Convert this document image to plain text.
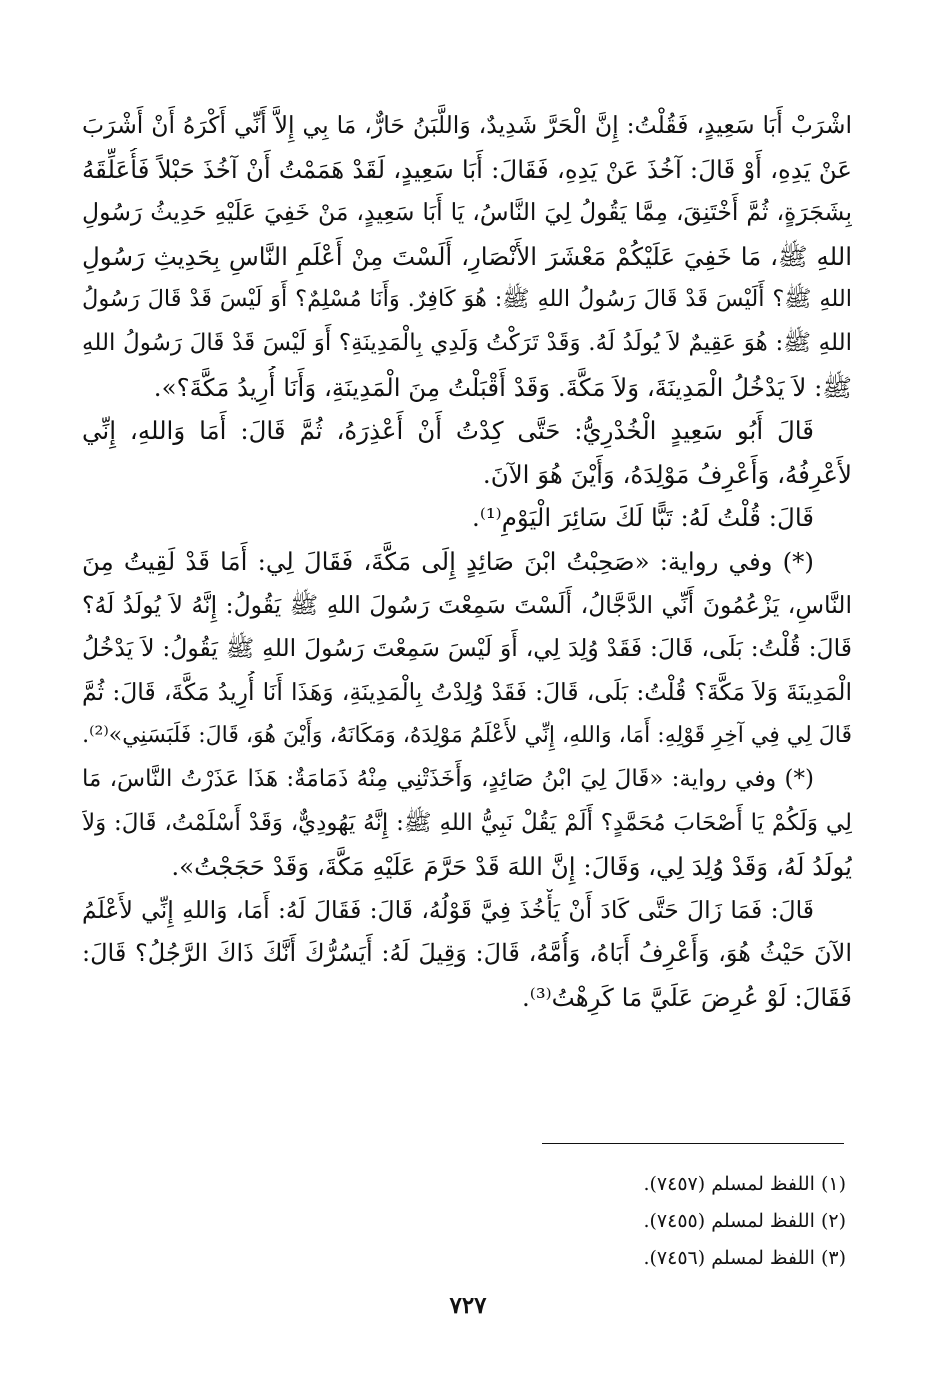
اشْرَبْ أَبَا سَعِيدٍ، فَقُلْتُ: إِنَّ الْحَرَّ شَدِيدٌ، وَاللَّبَنُ حَارٌّ، مَا بِي إِلاَّ أَنِّي أَكْرَهُ أَنْ أَشْرَبَ
عَنْ يَدِهِ، أَوْ قَالَ: آخُذَ عَنْ يَدِهِ، فَقَالَ: أَبَا سَعِيدٍ، لَقَدْ هَمَمْتُ أَنْ آخُذَ حَبْلاً فَأُعَلِّقَهُ
بِشَجَرَةٍ، ثُمَّ أَخْتَنِقَ، مِمَّا يَقُولُ لِيَ النَّاسُ، يَا أَبَا سَعِيدٍ، مَنْ خَفِيَ عَلَيْهِ حَدِيثُ رَسُولِ
اللهِ ﷺ، مَا خَفِيَ عَلَيْكُمْ مَعْشَرَ الأَنْصَارِ، أَلَسْتَ مِنْ أَعْلَمِ النَّاسِ بِحَدِيثِ رَسُولِ
اللهِ ﷺ؟ أَلَيْسَ قَدْ قَالَ رَسُولُ اللهِ ﷺ: هُوَ كَافِرٌ. وَأَنَا مُسْلِمٌ؟ أَوَ لَيْسَ قَدْ قَالَ رَسُولُ
اللهِ ﷺ: هُوَ عَقِيمٌ لاَ يُولَدُ لَهُ. وَقَدْ تَرَكْتُ وَلَدِي بِالْمَدِينَةِ؟ أَوَ لَيْسَ قَدْ قَالَ رَسُولُ اللهِ
ﷺ: لاَ يَدْخُلُ الْمَدِينَةَ، وَلاَ مَكَّةَ. وَقَدْ أَقْبَلْتُ مِنَ الْمَدِينَةِ، وَأَنَا أُرِيدُ مَكَّةَ؟».
قَالَ أَبُو سَعِيدٍ الْخُدْرِيُّ: حَتَّى كِدْتُ أَنْ أَعْذِرَهُ، ثُمَّ قَالَ: أَمَا وَاللهِ، إِنِّي
لأَعْرِفُهُ، وَأَعْرِفُ مَوْلِدَهُ، وَأَيْنَ هُوَ الآنَ.
قَالَ: قُلْتُ لَهُ: تَبًّا لَكَ سَائِرَ الْيَوْمِ⁽¹⁾.
(*) وفي رواية: «صَحِبْتُ ابْنَ صَائِدٍ إِلَى مَكَّةَ، فَقَالَ لِي: أَمَا قَدْ لَقِيتُ مِنَ
النَّاسِ، يَزْعُمُونَ أَنِّي الدَّجَّالُ، أَلَسْتَ سَمِعْتَ رَسُولَ اللهِ ﷺ يَقُولُ: إِنَّهُ لاَ يُولَدُ لَهُ؟
قَالَ: قُلْتُ: بَلَى، قَالَ: فَقَدْ وُلِدَ لِي، أَوَ لَيْسَ سَمِعْتَ رَسُولَ اللهِ ﷺ يَقُولُ: لاَ يَدْخُلُ
الْمَدِينَةَ وَلاَ مَكَّةَ؟ قُلْتُ: بَلَى، قَالَ: فَقَدْ وُلِدْتُ بِالْمَدِينَةِ، وَهَذَا أَنَا أُرِيدُ مَكَّةَ، قَالَ: ثُمَّ
قَالَ لِي فِي آخِرِ قَوْلِهِ: أَمَا، وَاللهِ، إِنِّي لأَعْلَمُ مَوْلِدَهُ، وَمَكَانَهُ، وَأَيْنَ هُوَ، قَالَ: فَلَبَسَنِي»⁽²⁾.
(*) وفي رواية: «قَالَ لِيَ ابْنُ صَائِدٍ، وَأَخَذَتْنِي مِنْهُ ذَمَامَةٌ: هَذَا عَذَرْتُ النَّاسَ، مَا
لِي وَلَكُمْ يَا أَصْحَابَ مُحَمَّدٍ؟ أَلَمْ يَقُلْ نَبِيُّ اللهِ ﷺ: إِنَّهُ يَهُودِيٌّ، وَقَدْ أَسْلَمْتُ، قَالَ: وَلاَ
يُولَدُ لَهُ، وَقَدْ وُلِدَ لِي، وَقَالَ: إِنَّ اللهَ قَدْ حَرَّمَ عَلَيْهِ مَكَّةَ، وَقَدْ حَجَجْتُ».
قَالَ: فَمَا زَالَ حَتَّى كَادَ أَنْ يَأْخُذَ فِيَّ قَوْلُهُ، قَالَ: فَقَالَ لَهُ: أَمَا، وَاللهِ إِنِّي لأَعْلَمُ
الآنَ حَيْثُ هُوَ، وَأَعْرِفُ أَبَاهُ، وَأُمَّهُ، قَالَ: وَقِيلَ لَهُ: أَيَسُرُّكَ أَنَّكَ ذَاكَ الرَّجُلُ؟ قَالَ:
فَقَالَ: لَوْ عُرِضَ عَلَيَّ مَا كَرِهْتُ⁽³⁾.
(١) اللفظ لمسلم (٧٤٥٧).
(٢) اللفظ لمسلم (٧٤٥٥).
(٣) اللفظ لمسلم (٧٤٥٦).
٧٢٧
